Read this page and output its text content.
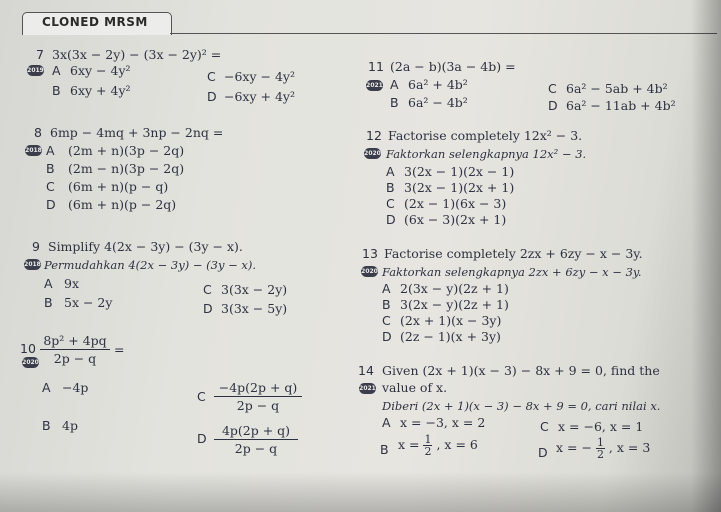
CLONED MRSM
7 3x(3x − 2y) − (3x − 2y)² =
2019 A 6xy − 4y²
B 6xy + 4y²
C −6xy − 4y²
D −6xy + 4y²
8 6mp − 4mq + 3np − 2nq =
2018 A (2m + n)(3p − 2q)
B (2m − n)(3p − 2q)
C (6m + n)(p − q)
D (6m + n)(p − 2q)
9 Simplify 4(2x − 3y) − (3y − x).
2018 Permudahkan 4(2x − 3y) − (3y − x).
A 9x
B 5x − 2y
C 3(3x − 2y)
D 3(3x − 5y)
10
$2020 \frac{\text{8p² + 4pq}}{2p - q}$ =
A −4p
B 4p
C $\frac{-4p(2p + q)}{2p - q}$
D $\frac{4p(2p + q)}{2p - q}$
11 (2a − b)(3a − 4b) =
2021 A 6a² + 4b²
B 6a² − 4b²
C 6a² − 5ab + 4b²
D 6a² − 11ab + 4b²
12 Factorise completely 12x² − 3.
2020 Faktorkan selengkapnya 12x² − 3.
A 3(2x − 1)(2x − 1)
B 3(2x − 1)(2x + 1)
C (2x − 1)(6x − 3)
D (6x − 3)(2x + 1)
13 Factorise completely 2zx + 6zy − x − 3y.
2020 Faktorkan selengkapnya 2zx + 6zy − x − 3y.
A 2(3x − y)(2z + 1)
B 3(2x − y)(2z + 1)
C (2x + 1)(x − 3y)
D (2z − 1)(x + 3y)
14 Given (2x + 1)(x − 3) − 8x + 9 = 0, find the
2021 value of x.
Diberi (2x + 1)(x − 3) − 8x + 9 = 0, cari nilai x.
A x = −3, x = 2	C x = −6, x = 1
B $x = \frac{1}{2}$ , x = 6
D x = − $\frac{1}{2}$ , x = 3
